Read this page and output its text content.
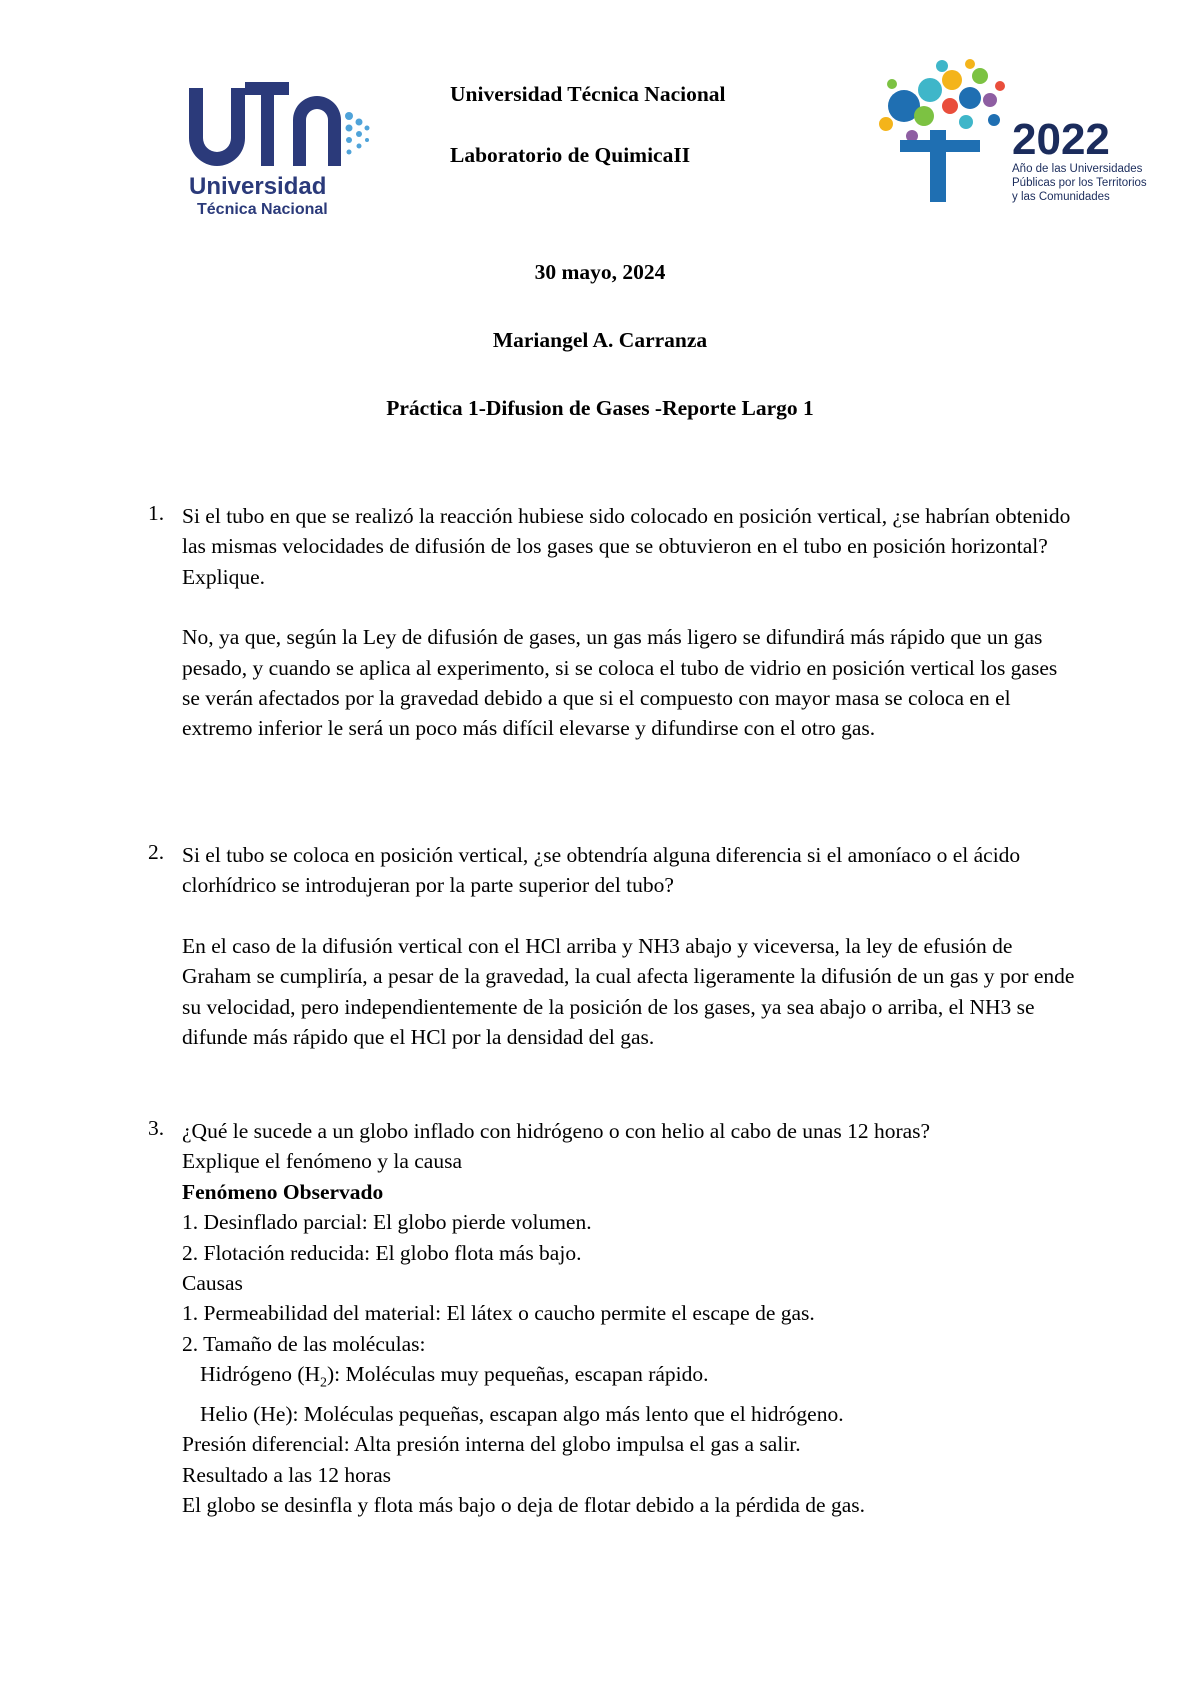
Universidad
Técnica Nacional
2022
Año de las Universidades
Públicas por los Territorios
y las Comunidades
Universidad Técnica Nacional
Laboratorio de QuimicaII
30 mayo, 2024
Mariangel A. Carranza
Práctica 1-Difusion de Gases -Reporte Largo 1
1. Si el tubo en que se realizó la reacción hubiese sido colocado en posición vertical, ¿se habrían obtenido las mismas velocidades de difusión de los gases que se obtuvieron en el tubo en posición horizontal? Explique.

No, ya que, según la Ley de difusión de gases, un gas más ligero se difundirá más rápido que un gas pesado, y cuando se aplica al experimento, si se coloca el tubo de vidrio en posición vertical los gases se verán afectados por la gravedad debido a que si el compuesto con mayor masa se coloca en el extremo inferior le será un poco más difícil elevarse y difundirse con el otro gas.

2. Si el tubo se coloca en posición vertical, ¿se obtendría alguna diferencia si el amoníaco o el ácido clorhídrico se introdujeran por la parte superior del tubo?

En el caso de la difusión vertical con el HCl arriba y NH3 abajo y viceversa, la ley de efusión de Graham se cumpliría, a pesar de la gravedad, la cual afecta ligeramente la difusión de un gas y por ende su velocidad, pero independientemente de la posición de los gases, ya sea abajo o arriba, el NH3 se difunde más rápido que el HCl por la densidad del gas.

3. ¿Qué le sucede a un globo inflado con hidrógeno o con helio al cabo de unas 12 horas?

Explique el fenómeno y la causa

Fenómeno Observado

1. Desinflado parcial: El globo pierde volumen.

2. Flotación reducida: El globo flota más bajo.

Causas

1. Permeabilidad del material: El látex o caucho permite el escape de gas.

2. Tamaño de las moléculas:

Hidrógeno $(H_2)$: Moléculas muy pequeñas, escapan rápido.

Helio (He): Moléculas pequeñas, escapan algo más lento que el hidrógeno.

Presión diferencial: Alta presión interna del globo impulsa el gas a salir.

Resultado a las 12 horas

El globo se desinfla y flota más bajo o deja de flotar debido a la pérdida de gas.
